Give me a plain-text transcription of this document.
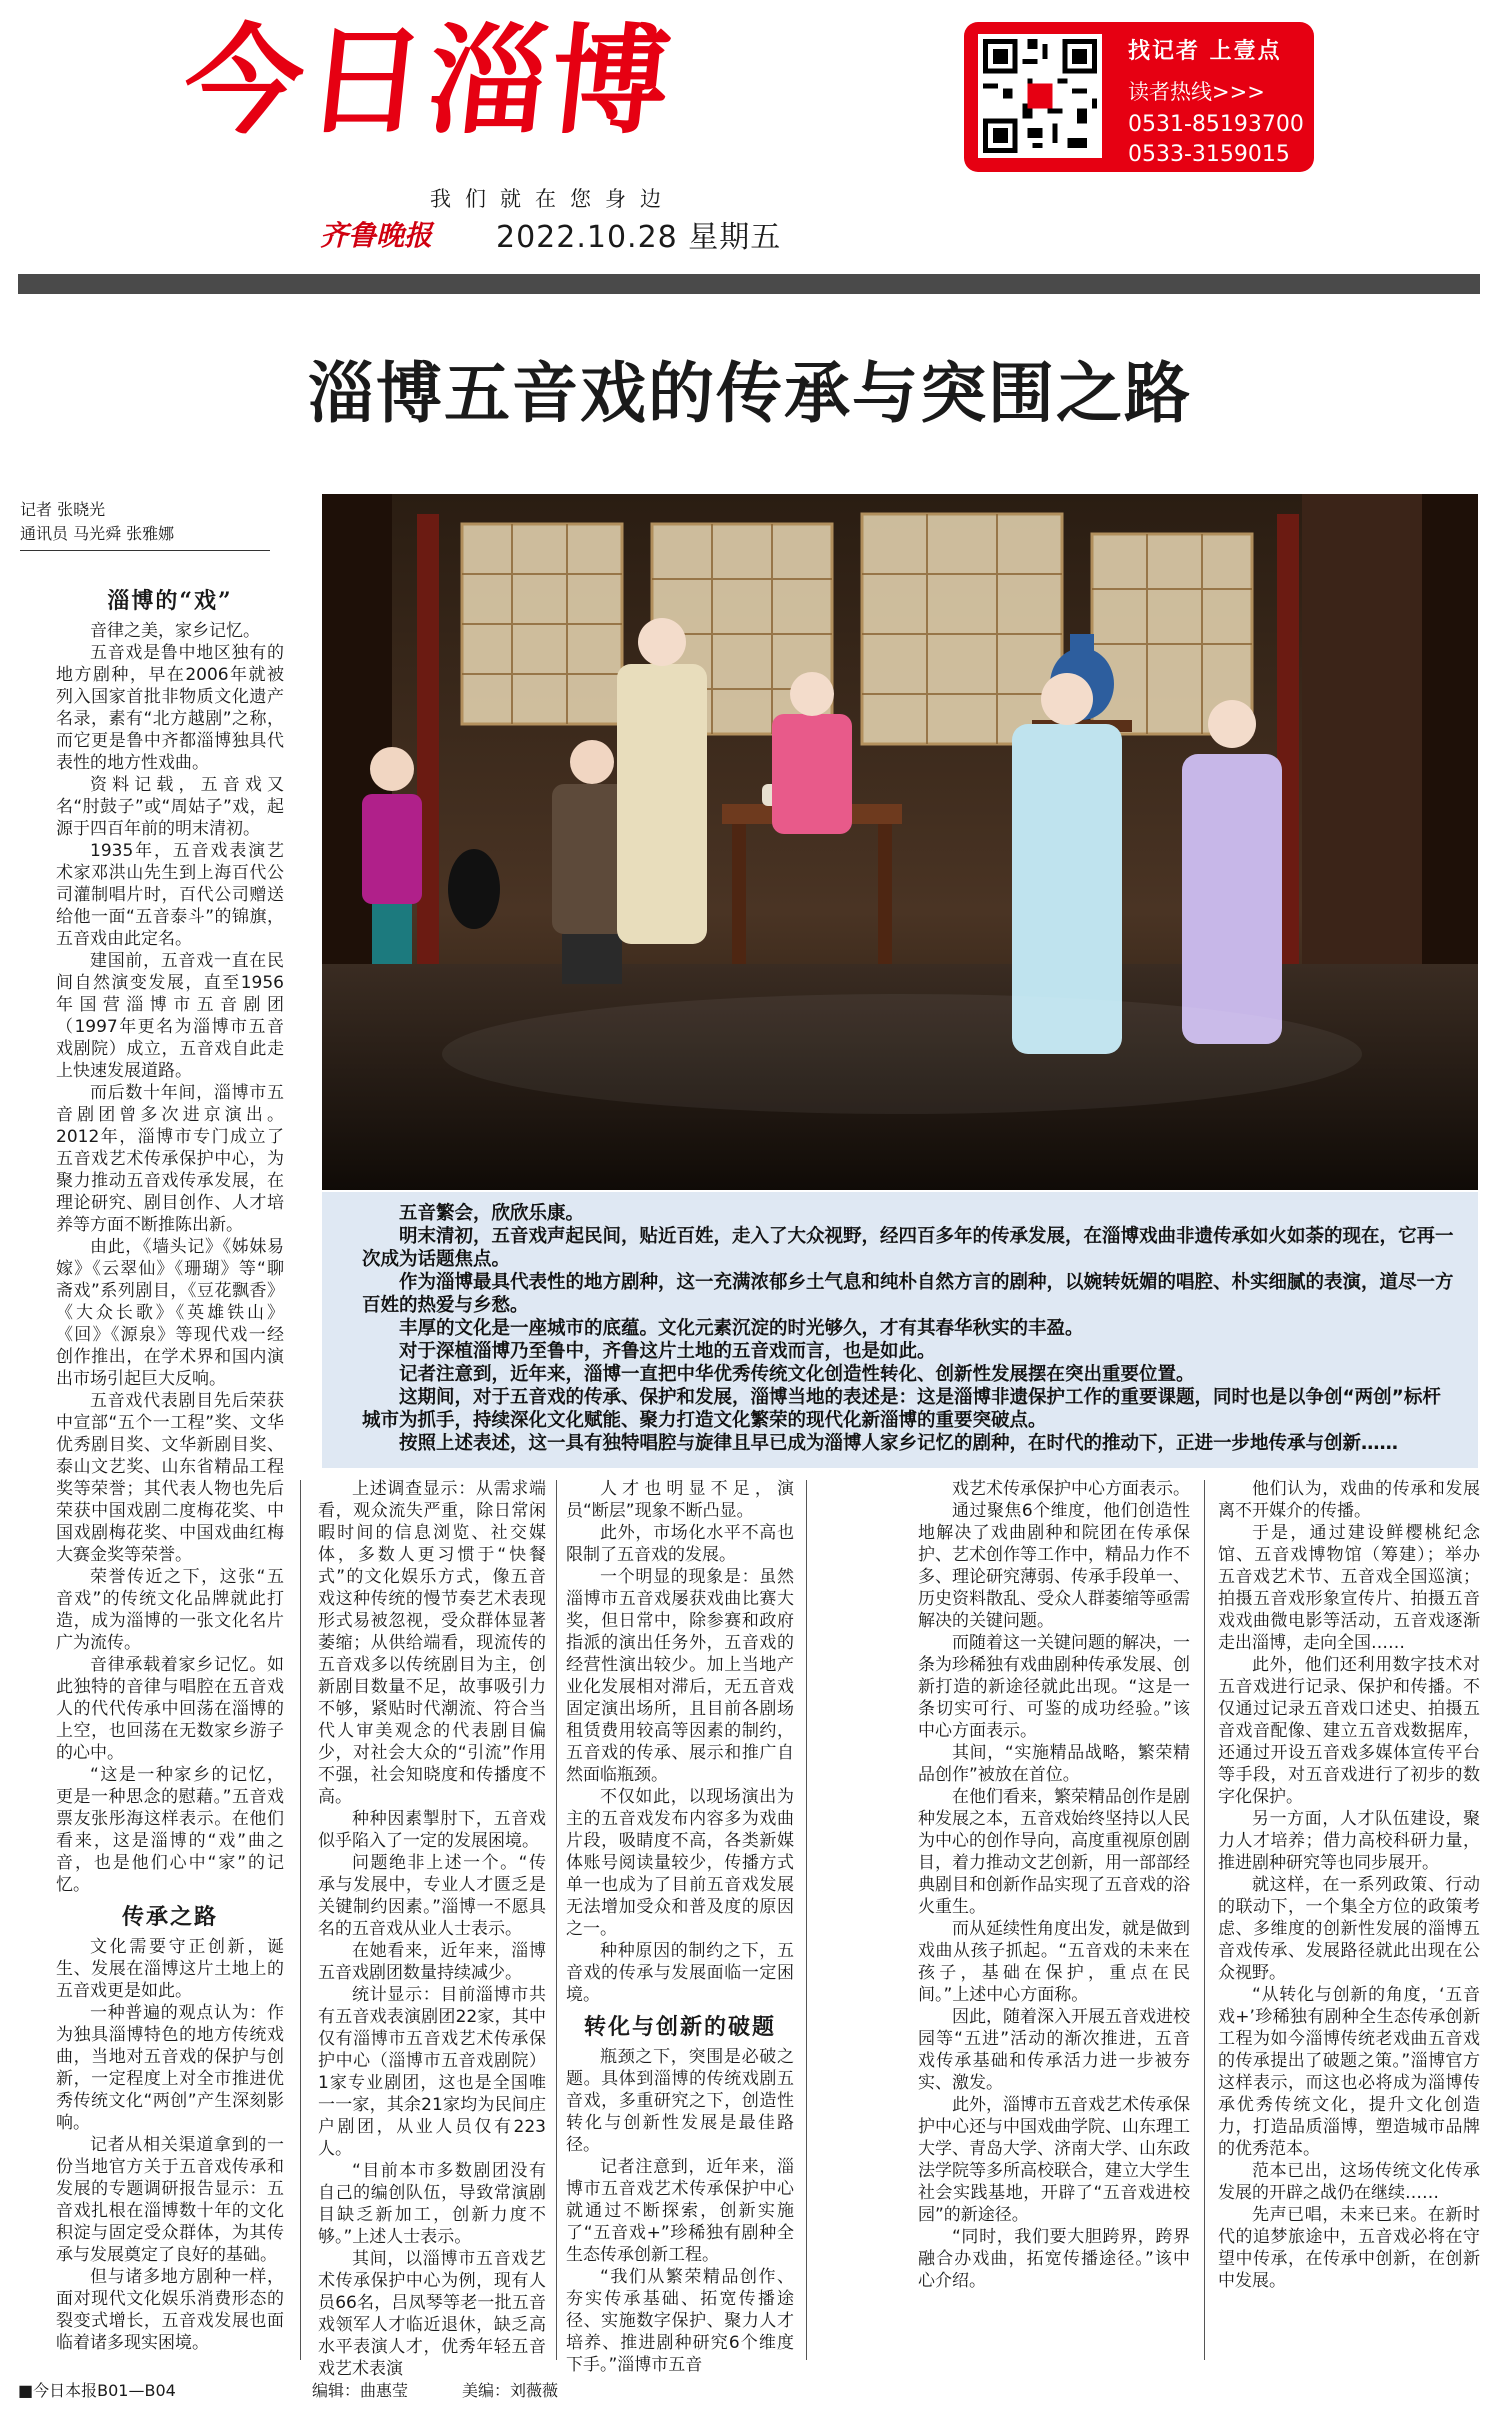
今日淄博
我们就在您身边
齐鲁晚报 2022.10.28 星期五
找记者 上壹点
读者热线>>>
0531-85193700
0533-3159015
淄博五音戏的传承与突围之路
记者 张晓光
通讯员 马光舜 张雅娜

五音繁会，欣欣乐康。

明末清初，五音戏声起民间，贴近百姓，走入了大众视野，经四百多年的传承发展，在淄博戏曲非遗传承如火如荼的现在，它再一次成为话题焦点。

作为淄博最具代表性的地方剧种，这一充满浓郁乡土气息和纯朴自然方言的剧种，以婉转妩媚的唱腔、朴实细腻的表演，道尽一方百姓的热爱与乡愁。

丰厚的文化是一座城市的底蕴。文化元素沉淀的时光够久，才有其春华秋实的丰盈。

对于深植淄博乃至鲁中，齐鲁这片土地的五音戏而言，也是如此。

记者注意到，近年来，淄博一直把中华优秀传统文化创造性转化、创新性发展摆在突出重要位置。

这期间，对于五音戏的传承、保护和发展，淄博当地的表述是：这是淄博非遗保护工作的重要课题，同时也是以争创“两创”标杆城市为抓手，持续深化文化赋能、聚力打造文化繁荣的现代化新淄博的重要突破点。

按照上述表述，这一具有独特唱腔与旋律且早已成为淄博人家乡记忆的剧种，在时代的推动下，正进一步地传承与创新……

淄博的“戏”

音律之美，家乡记忆。

五音戏是鲁中地区独有的地方剧种，早在2006年就被列入国家首批非物质文化遗产名录，素有“北方越剧”之称，而它更是鲁中齐都淄博独具代表性的地方性戏曲。

资料记载，五音戏又名“肘鼓子”或“周姑子”戏，起源于四百年前的明末清初。

1935年，五音戏表演艺术家邓洪山先生到上海百代公司灌制唱片时，百代公司赠送给他一面“五音泰斗”的锦旗，五音戏由此定名。

建国前，五音戏一直在民间自然演变发展，直至1956年国营淄博市五音剧团（1997年更名为淄博市五音戏剧院）成立，五音戏自此走上快速发展道路。

而后数十年间，淄博市五音剧团曾多次进京演出。2012年，淄博市专门成立了五音戏艺术传承保护中心，为聚力推动五音戏传承发展，在理论研究、剧目创作、人才培养等方面不断推陈出新。

由此，《墙头记》《姊妹易嫁》《云翠仙》《珊瑚》等“聊斋戏”系列剧目，《豆花飘香》《大众长歌》《英雄铁山》《回》《源泉》等现代戏一经创作推出，在学术界和国内演出市场引起巨大反响。

五音戏代表剧目先后荣获中宣部“五个一工程”奖、文华优秀剧目奖、文华新剧目奖、泰山文艺奖、山东省精品工程奖等荣誉；其代表人物也先后荣获中国戏剧二度梅花奖、中国戏剧梅花奖、中国戏曲红梅大赛金奖等荣誉。

荣誉传近之下，这张“五音戏”的传统文化品牌就此打造，成为淄博的一张文化名片广为流传。

音律承载着家乡记忆。如此独特的音律与唱腔在五音戏人的代代传承中回荡在淄博的上空，也回荡在无数家乡游子的心中。

“这是一种家乡的记忆，更是一种思念的慰藉。”五音戏票友张彤海这样表示。在他们看来，这是淄博的“戏”曲之音，也是他们心中“家”的记忆。

传承之路

文化需要守正创新，诞生、发展在淄博这片土地上的五音戏更是如此。

一种普遍的观点认为：作为独具淄博特色的地方传统戏曲，当地对五音戏的保护与创新，一定程度上对全市推进优秀传统文化“两创”产生深刻影响。

记者从相关渠道拿到的一份当地官方关于五音戏传承和发展的专题调研报告显示：五音戏扎根在淄博数十年的文化积淀与固定受众群体，为其传承与发展奠定了良好的基础。

但与诸多地方剧种一样，面对现代文化娱乐消费形态的裂变式增长，五音戏发展也面临着诸多现实困境。

上述调查显示：从需求端看，观众流失严重，除日常闲暇时间的信息浏览、社交媒体，多数人更习惯于“快餐式”的文化娱乐方式，像五音戏这种传统的慢节奏艺术表现形式易被忽视，受众群体显著萎缩；从供给端看，现流传的五音戏多以传统剧目为主，创新剧目数量不足，故事吸引力不够，紧贴时代潮流、符合当代人审美观念的代表剧目偏少，对社会大众的“引流”作用不强，社会知晓度和传播度不高。

种种因素掣肘下，五音戏似乎陷入了一定的发展困境。

问题绝非上述一个。“传承与发展中，专业人才匮乏是关键制约因素。”淄博一不愿具名的五音戏从业人士表示。

在她看来，近年来，淄博五音戏剧团数量持续减少。

统计显示：目前淄博市共有五音戏表演剧团22家，其中仅有淄博市五音戏艺术传承保护中心（淄博市五音戏剧院）1家专业剧团，这也是全国唯一一家，其余21家均为民间庄户剧团，从业人员仅有223人。

“目前本市多数剧团没有自己的编创队伍，导致常演剧目缺乏新加工，创新力度不够。”上述人士表示。

其间，以淄博市五音戏艺术传承保护中心为例，现有人员66名，吕凤琴等老一批五音戏领军人才临近退休，缺乏高水平表演人才，优秀年轻五音戏艺术表演

人才也明显不足，演员“断层”现象不断凸显。

此外，市场化水平不高也限制了五音戏的发展。

一个明显的现象是：虽然淄博市五音戏屡获戏曲比赛大奖，但日常中，除参赛和政府指派的演出任务外，五音戏的经营性演出较少。加上当地产业化发展相对滞后，无五音戏固定演出场所，且目前各剧场租赁费用较高等因素的制约，五音戏的传承、展示和推广自然面临瓶颈。

不仅如此，以现场演出为主的五音戏发布内容多为戏曲片段，吸睛度不高，各类新媒体账号阅读量较少，传播方式单一也成为了目前五音戏发展无法增加受众和普及度的原因之一。

种种原因的制约之下，五音戏的传承与发展面临一定困境。

转化与创新的破题

瓶颈之下，突围是必破之题。具体到淄博的传统戏剧五音戏，多重研究之下，创造性转化与创新性发展是最佳路径。

记者注意到，近年来，淄博市五音戏艺术传承保护中心就通过不断探索，创新实施了“五音戏+”珍稀独有剧种全生态传承创新工程。

“我们从繁荣精品创作、夯实传承基础、拓宽传播途径、实施数字保护、聚力人才培养、推进剧种研究6个维度下手。”淄博市五音

戏艺术传承保护中心方面表示。

通过聚焦6个维度，他们创造性地解决了戏曲剧种和院团在传承保护、艺术创作等工作中，精品力作不多、理论研究薄弱、传承手段单一、历史资料散乱、受众人群萎缩等亟需解决的关键问题。

而随着这一关键问题的解决，一条为珍稀独有戏曲剧种传承发展、创新打造的新途径就此出现。“这是一条切实可行、可鉴的成功经验。”该中心方面表示。

其间，“实施精品战略，繁荣精品创作”被放在首位。

在他们看来，繁荣精品创作是剧种发展之本，五音戏始终坚持以人民为中心的创作导向，高度重视原创剧目，着力推动文艺创新，用一部部经典剧目和创新作品实现了五音戏的浴火重生。

而从延续性角度出发，就是做到戏曲从孩子抓起。“五音戏的未来在孩子，基础在保护，重点在民间。”上述中心方面称。

因此，随着深入开展五音戏进校园等“五进”活动的渐次推进，五音戏传承基础和传承活力进一步被夯实、激发。

此外，淄博市五音戏艺术传承保护中心还与中国戏曲学院、山东理工大学、青岛大学、济南大学、山东政法学院等多所高校联合，建立大学生社会实践基地，开辟了“五音戏进校园”的新途径。

“同时，我们要大胆跨界，跨界融合办戏曲，拓宽传播途径。”该中心介绍。

他们认为，戏曲的传承和发展离不开媒介的传播。

于是，通过建设鲜樱桃纪念馆、五音戏博物馆（筹建）；举办五音戏艺术节、五音戏全国巡演；拍摄五音戏形象宣传片、拍摄五音戏戏曲微电影等活动，五音戏逐渐走出淄博，走向全国……

此外，他们还利用数字技术对五音戏进行记录、保护和传播。不仅通过记录五音戏口述史、拍摄五音戏音配像、建立五音戏数据库，还通过开设五音戏多媒体宣传平台等手段，对五音戏进行了初步的数字化保护。

另一方面，人才队伍建设，聚力人才培养；借力高校科研力量，推进剧种研究等也同步展开。

就这样，在一系列政策、行动的联动下，一个集全方位的政策考虑、多维度的创新性发展的淄博五音戏传承、发展路径就此出现在公众视野。

“从转化与创新的角度，‘五音戏+’珍稀独有剧种全生态传承创新工程为如今淄博传统老戏曲五音戏的传承提出了破题之策。”淄博官方这样表示，而这也必将成为淄博传承优秀传统文化，提升文化创造力，打造品质淄博，塑造城市品牌的优秀范本。

范本已出，这场传统文化传承发展的开辟之战仍在继续……

先声已唱，未来已来。在新时代的追梦旅途中，五音戏必将在守望中传承，在传承中创新，在创新中发展。

■今日本报B01—B04	编辑：曲惠莹	美编：刘薇薇
